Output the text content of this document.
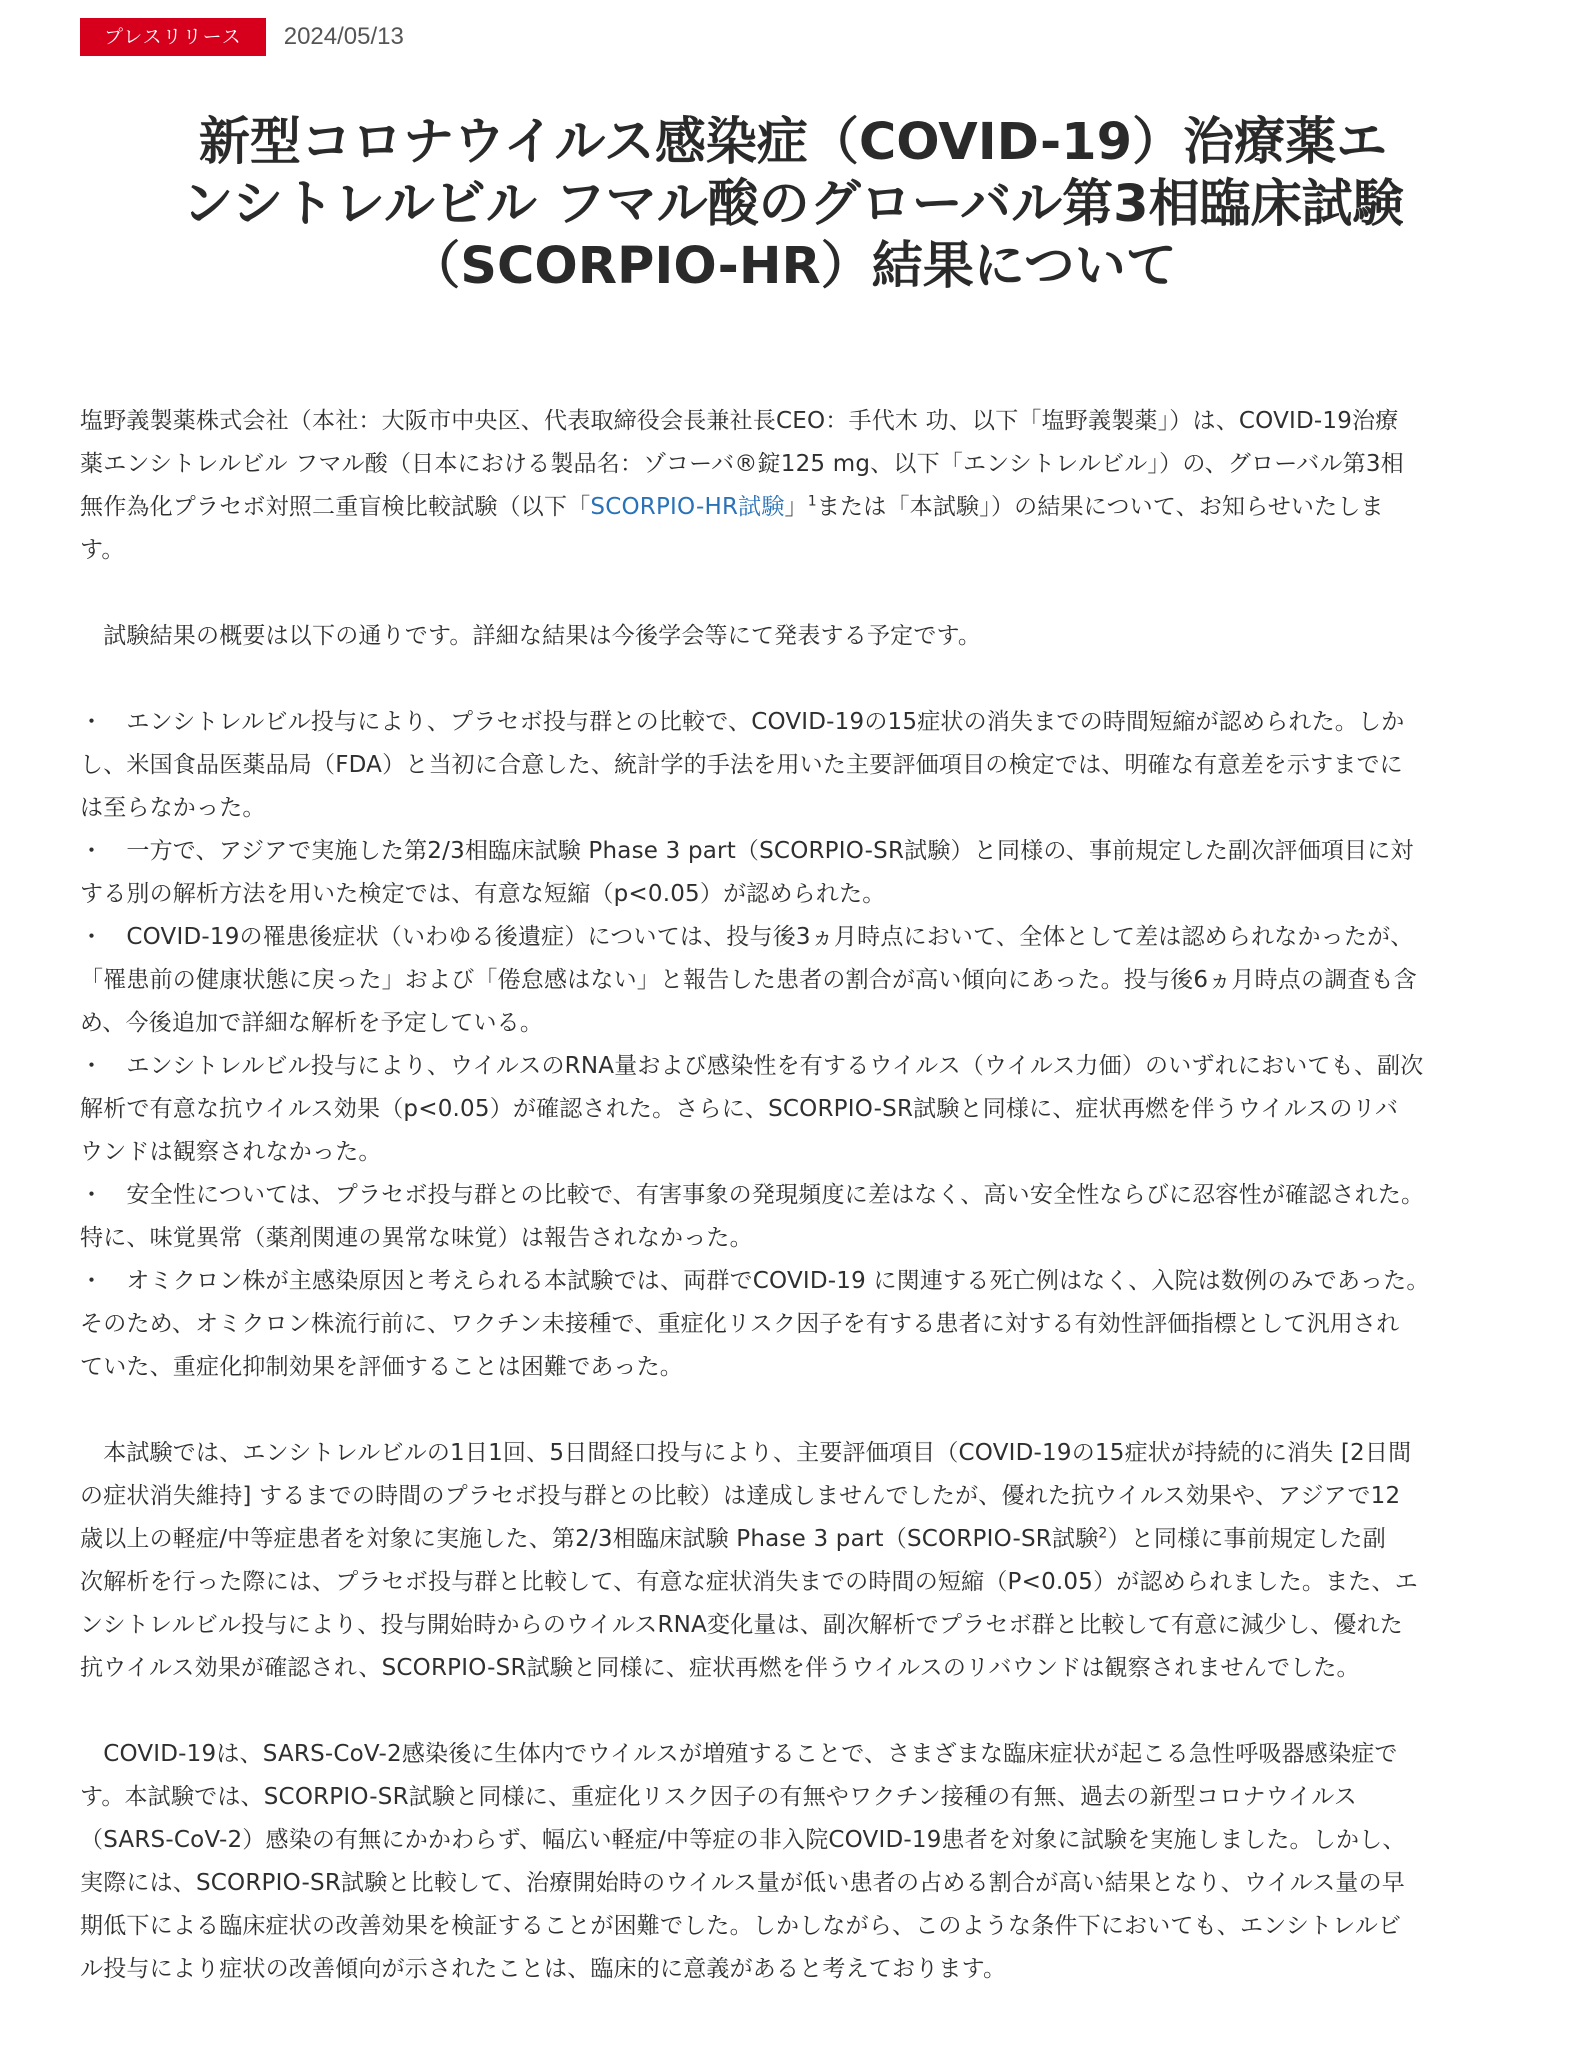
プレスリリース	2024/05/13
新型コロナウイルス感染症（COVID-19）治療薬エ
ンシトレルビル フマル酸のグローバル第3相臨床試験
（SCORPIO-HR）結果について

塩野義製薬株式会社（本社：大阪市中央区、代表取締役会長兼社長CEO：手代木 功、以下「塩野義製薬」）は、COVID-19治療
薬エンシトレルビル フマル酸（日本における製品名：ゾコーバ®錠125 mg、以下「エンシトレルビル」）の、グローバル第3相
無作為化プラセボ対照二重盲検比較試験（以下「SCORPIO-HR試験」$^1$または「本試験」）の結果について、お知らせいたしま
す。

　試験結果の概要は以下の通りです。詳細な結果は今後学会等にて発表する予定です。

・　エンシトレルビル投与により、プラセボ投与群との比較で、COVID-19の15症状の消失までの時間短縮が認められた。しか
し、米国食品医薬品局（FDA）と当初に合意した、統計学的手法を用いた主要評価項目の検定では、明確な有意差を示すまでに
は至らなかった。

・　一方で、アジアで実施した第2/3相臨床試験 Phase 3 part（SCORPIO-SR試験）と同様の、事前規定した副次評価項目に対
する別の解析方法を用いた検定では、有意な短縮（p<0.05）が認められた。

・　COVID-19の罹患後症状（いわゆる後遺症）については、投与後3ヵ月時点において、全体として差は認められなかったが、
「罹患前の健康状態に戻った」および「倦怠感はない」と報告した患者の割合が高い傾向にあった。投与後6ヵ月時点の調査も含
め、今後追加で詳細な解析を予定している。

・　エンシトレルビル投与により、ウイルスのRNA量および感染性を有するウイルス（ウイルス力価）のいずれにおいても、副次
解析で有意な抗ウイルス効果（p<0.05）が確認された。さらに、SCORPIO-SR試験と同様に、症状再燃を伴うウイルスのリバ
ウンドは観察されなかった。

・　安全性については、プラセボ投与群との比較で、有害事象の発現頻度に差はなく、高い安全性ならびに忍容性が確認された。
特に、味覚異常（薬剤関連の異常な味覚）は報告されなかった。

・　オミクロン株が主感染原因と考えられる本試験では、両群でCOVID-19 に関連する死亡例はなく、入院は数例のみであった。
そのため、オミクロン株流行前に、ワクチン未接種で、重症化リスク因子を有する患者に対する有効性評価指標として汎用され
ていた、重症化抑制効果を評価することは困難であった。

　本試験では、エンシトレルビルの1日1回、5日間経口投与により、主要評価項目（COVID-19の15症状が持続的に消失 [2日間
の症状消失維持] するまでの時間のプラセボ投与群との比較）は達成しませんでしたが、優れた抗ウイルス効果や、アジアで12
歳以上の軽症/中等症患者を対象に実施した、第2/3相臨床試験 Phase 3 part（SCORPIO-SR試験$^2$）と同様に事前規定した副
次解析を行った際には、プラセボ投与群と比較して、有意な症状消失までの時間の短縮（P<0.05）が認められました。また、エ
ンシトレルビル投与により、投与開始時からのウイルスRNA変化量は、副次解析でプラセボ群と比較して有意に減少し、優れた
抗ウイルス効果が確認され、SCORPIO-SR試験と同様に、症状再燃を伴うウイルスのリバウンドは観察されませんでした。

　COVID-19は、SARS-CoV-2感染後に生体内でウイルスが増殖することで、さまざまな臨床症状が起こる急性呼吸器感染症で
す。本試験では、SCORPIO-SR試験と同様に、重症化リスク因子の有無やワクチン接種の有無、過去の新型コロナウイルス
（SARS-CoV-2）感染の有無にかかわらず、幅広い軽症/中等症の非入院COVID-19患者を対象に試験を実施しました。しかし、
実際には、SCORPIO-SR試験と比較して、治療開始時のウイルス量が低い患者の占める割合が高い結果となり、ウイルス量の早
期低下による臨床症状の改善効果を検証することが困難でした。しかしながら、このような条件下においても、エンシトレルビ
ル投与により症状の改善傾向が示されたことは、臨床的に意義があると考えております。
